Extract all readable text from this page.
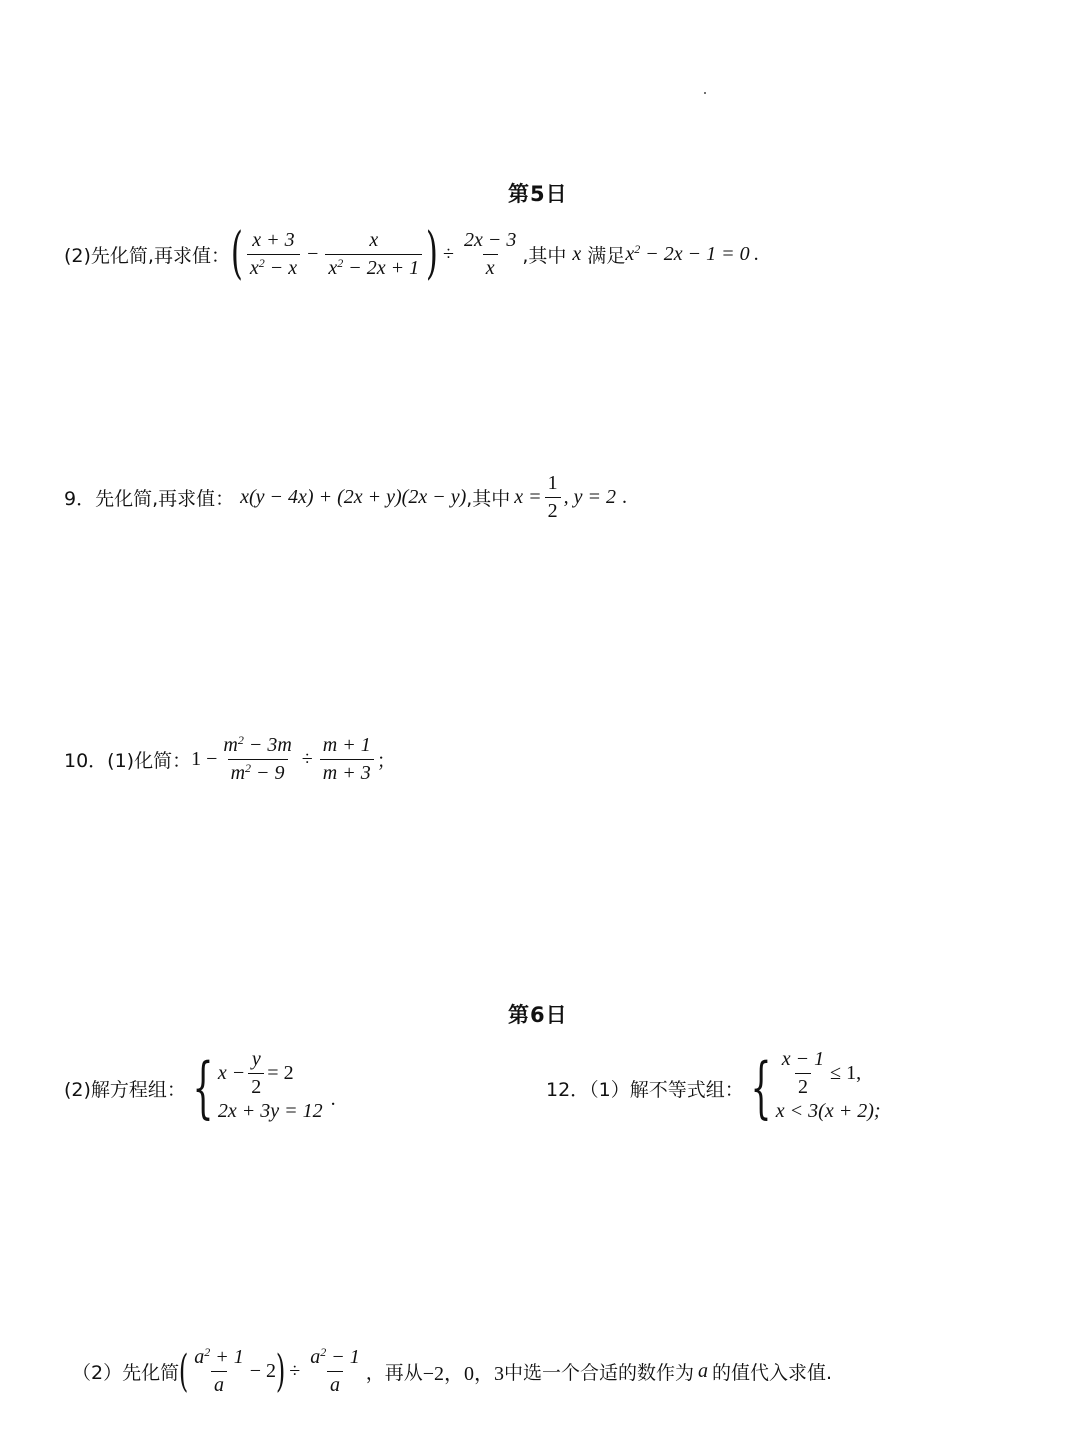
第5日
(2)先化简,再求值： ( $\frac{x + 3}{x^2 - x} - \frac{x}{x^2 - 2x + 1}$ ) ÷ $\frac{2x - 3}{x}$ ,其中 x 满足 $x^2 - 2x - 1 = 0$ .
9．先化简,再求值： x(y − 4x) + (2x + y)(2x − y) ,其中 $x = \frac{1}{2}$ , y = 2 .
10．(1)化简： $1 - \frac{m^2 - 3m}{m^2 - 9} \div \frac{m + 1}{m + 3}$ ；
第6日
(2)解方程组： { $x - \frac{y}{2} = 2$
2x + 3y = 12
.	12．（1）解不等式组： { $\frac{x - 1}{2} \le 1$,
x < 3(x + 2);
（2）先化简 ( $\frac{a^2 + 1}{a} - 2$ ) ÷ $\frac{a^2 - 1}{a}$ ，再从 −2，0，3 中选一个合适的数作为 a 的值代入求值.
